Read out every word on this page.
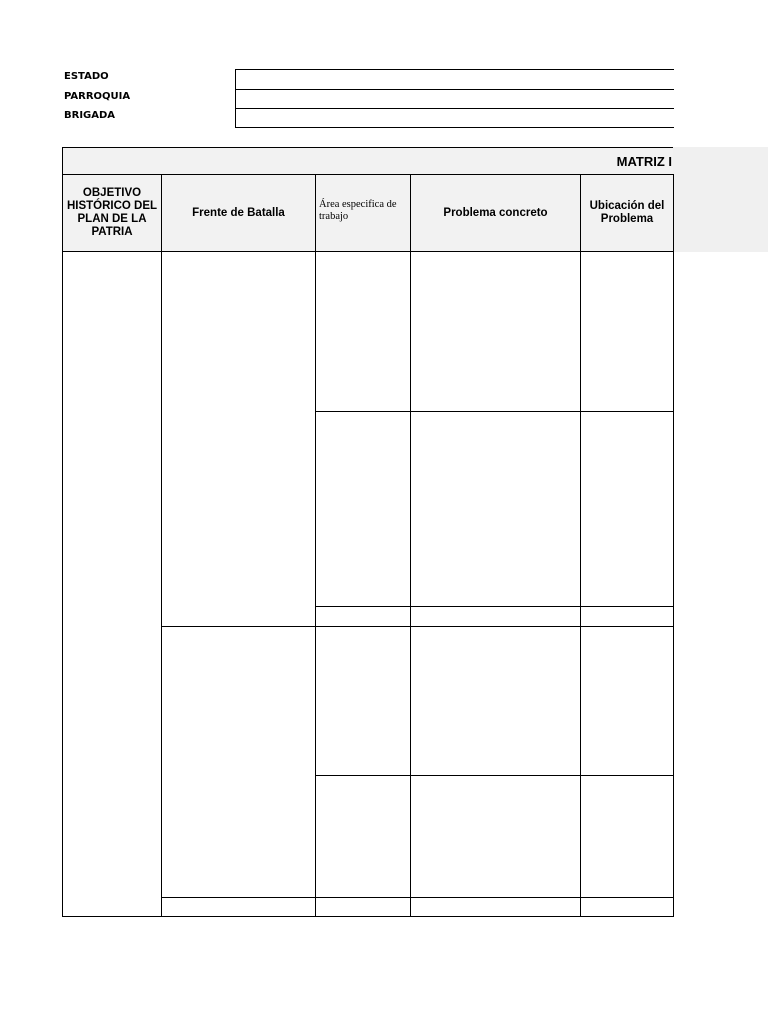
ESTADO
PARROQUIA
BRIGADA
MATRIZ I
OBJETIVO HISTÓRICO DEL PLAN DE LA PATRIA
Frente de Batalla
Área especifica de trabajo	Problema concreto
Ubicación del Problema
